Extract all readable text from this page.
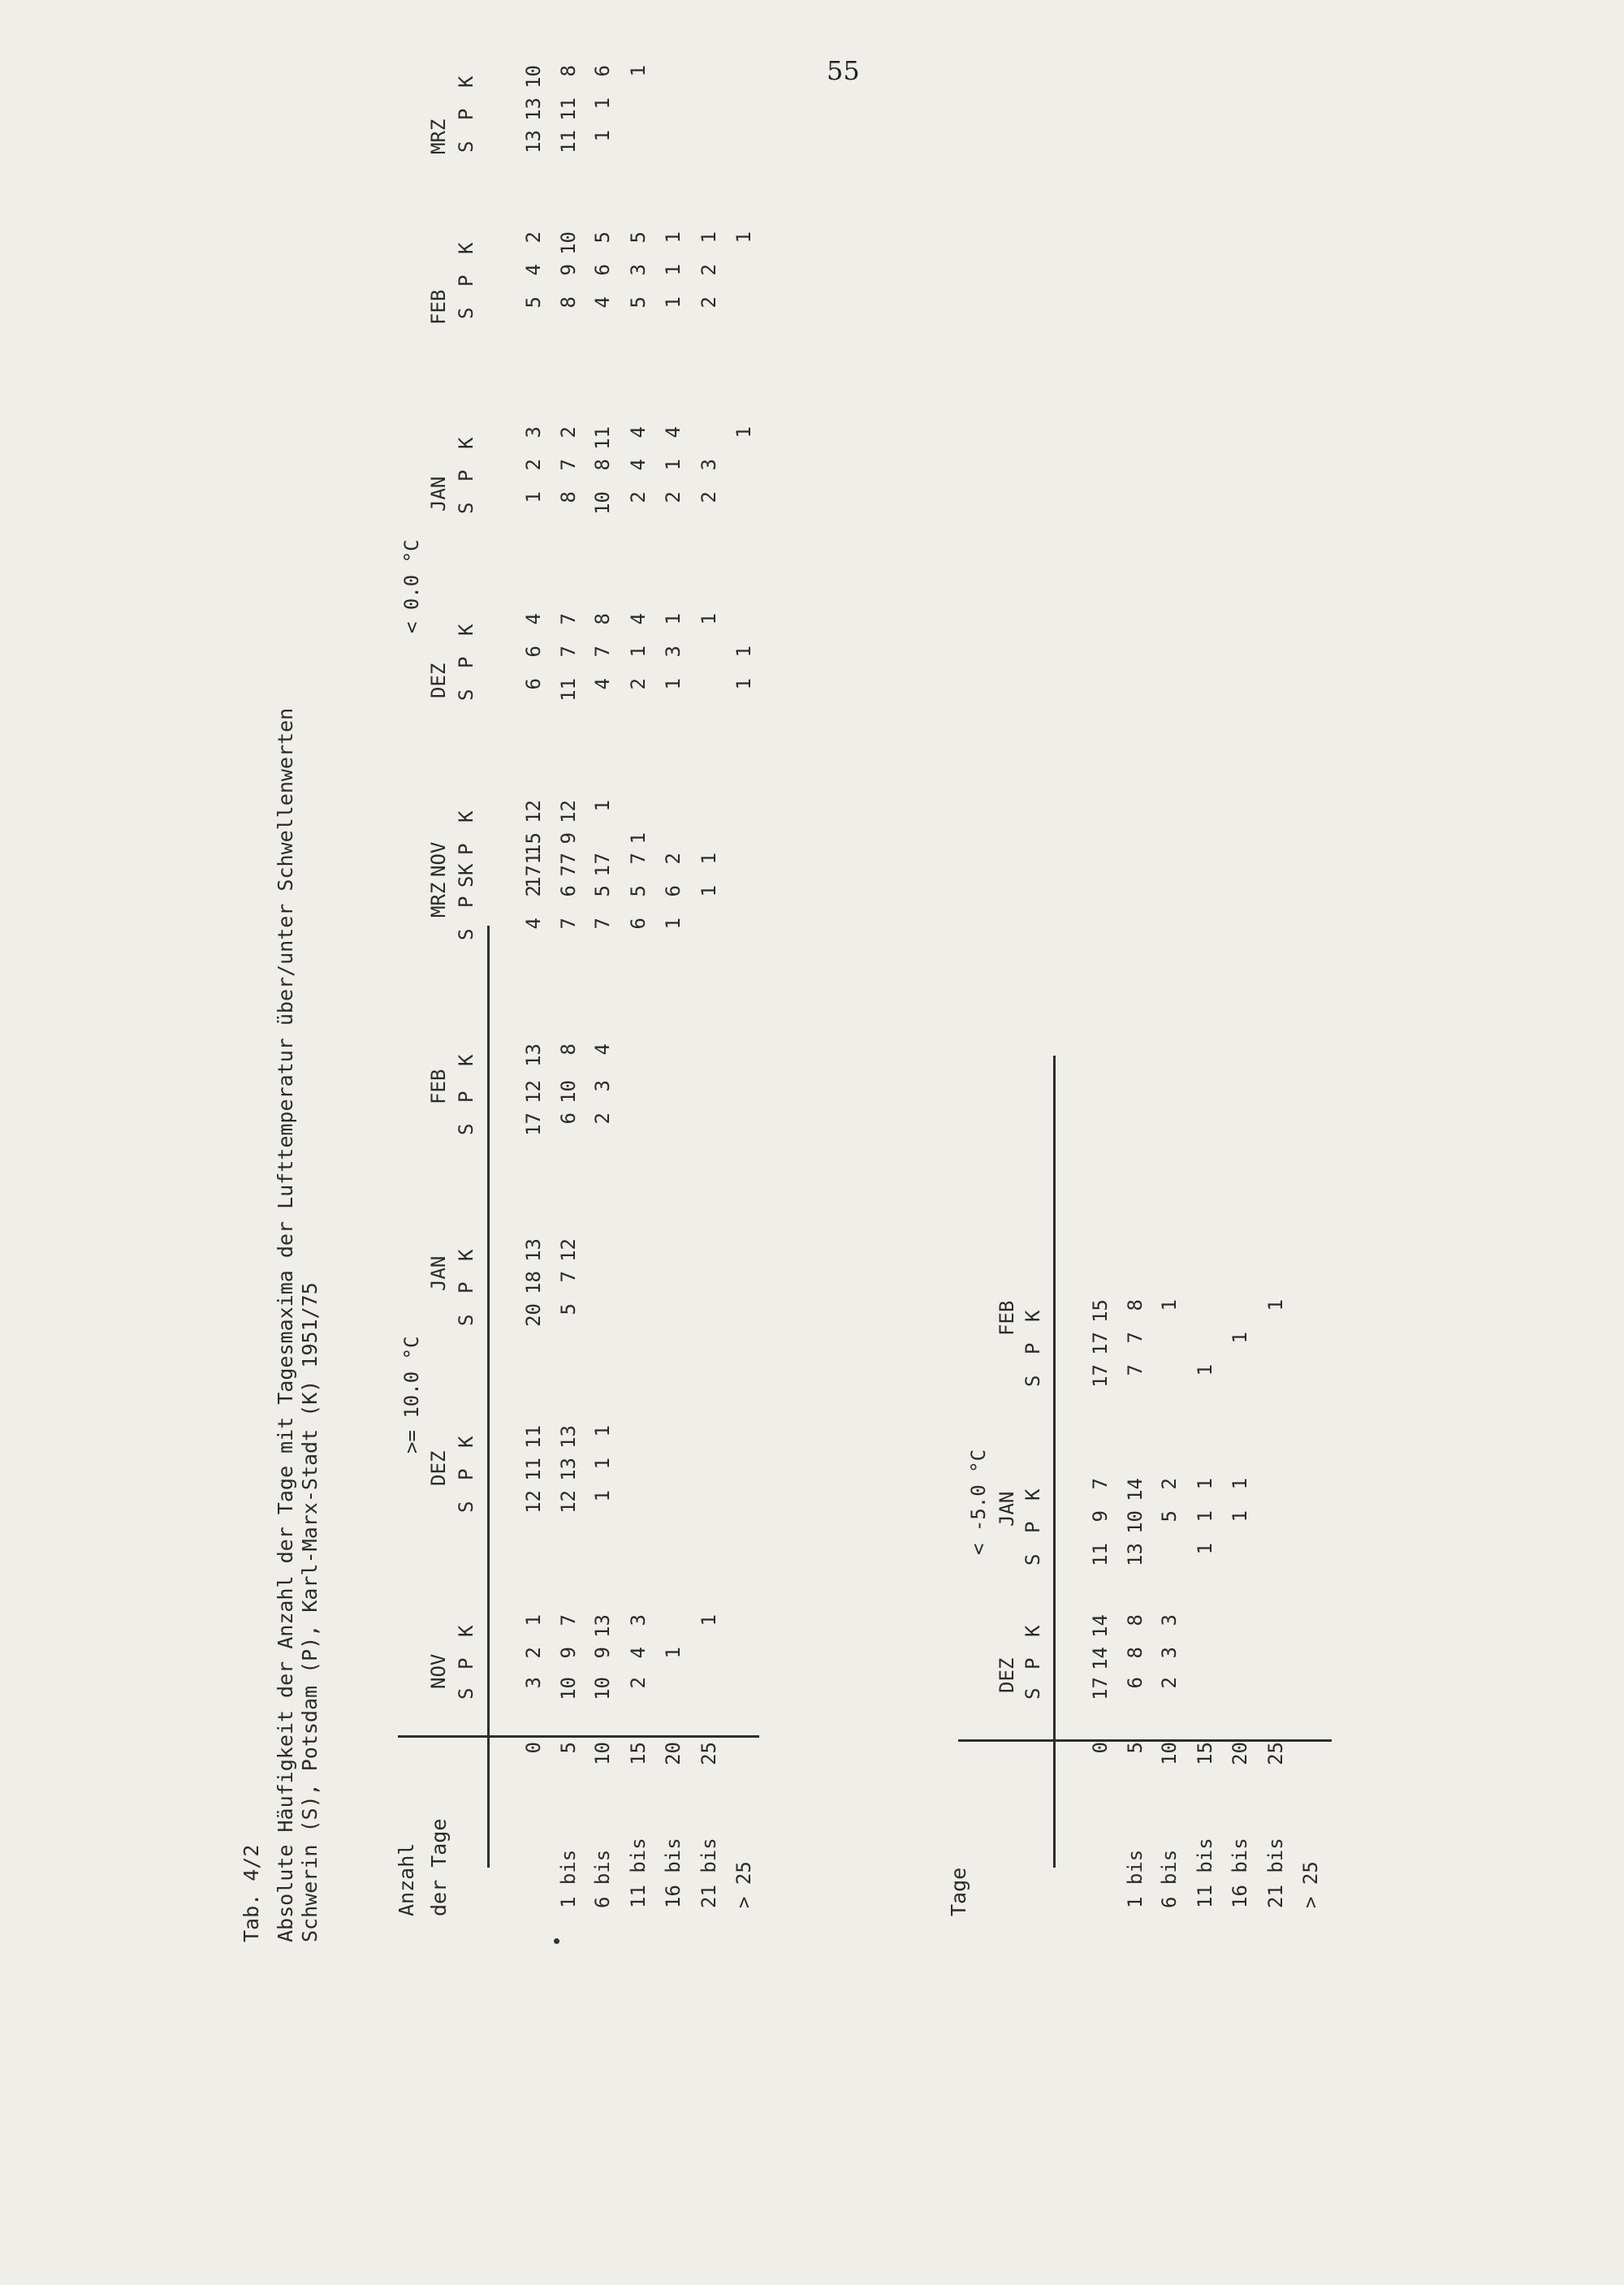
55
Tab. 4/2 Absolute Häufigkeit der Anzahl der Tage mit Tagesmaxima der Lufttemperatur über/unter Schwellenwerten Schwerin (S), Potsdam (P), Karl-Marx-Stadt (K) 1951/75	Anzahl der Tage
0
1 bis
5
6 bis
10
11 bis
15
16 bis
20
21 bis
25
> 25
>= 10.0 °C
NOV
DEZ
JAN
FEB
MRZ
S
P
K
S
P
K
S
P
K
S
P
K
S
P
K
3
2
1
12
11
11
20
18
13
17
12
13
4
2
1
10
9
7
12
13
13
5
7
12
6
10
8
7
6
7
10
9
13
1
1
1
2
3
4
7
5
7
2
4
3
6
5
7
1
1
6
2
1
1
1
< 0.0 °C
NOV
DEZ
JAN
FEB
MRZ
S
P
K
S
P
K
S
P
K
S
P
K
S
P
K
17
15
12
6
6
4
1
2
3
5
4
2
13
13
10
7
9
12
11
7
7
8
7
2
8
9
10
11
11
8
1
1
4
7
8
10
8
11
4
6
5
1
1
6
1
2
1
4
2
4
4
5
3
5
1
1
3
1
2
1
4
1
1
1
1
2
3
2
2
1
1
1
1
1
Tage
0
1 bis
5
6 bis
10
11 bis
15
16 bis
20
21 bis
25
> 25
< -5.0 °C
DEZ
JAN
FEB
S
P
K
S
P
K
S
P
K
17
14
14
11
9
7
17
17
15
6
8
8
13
10
14
7
7
8
2
3
3
5
2
1
1
1
1
1
1
1
1
1
